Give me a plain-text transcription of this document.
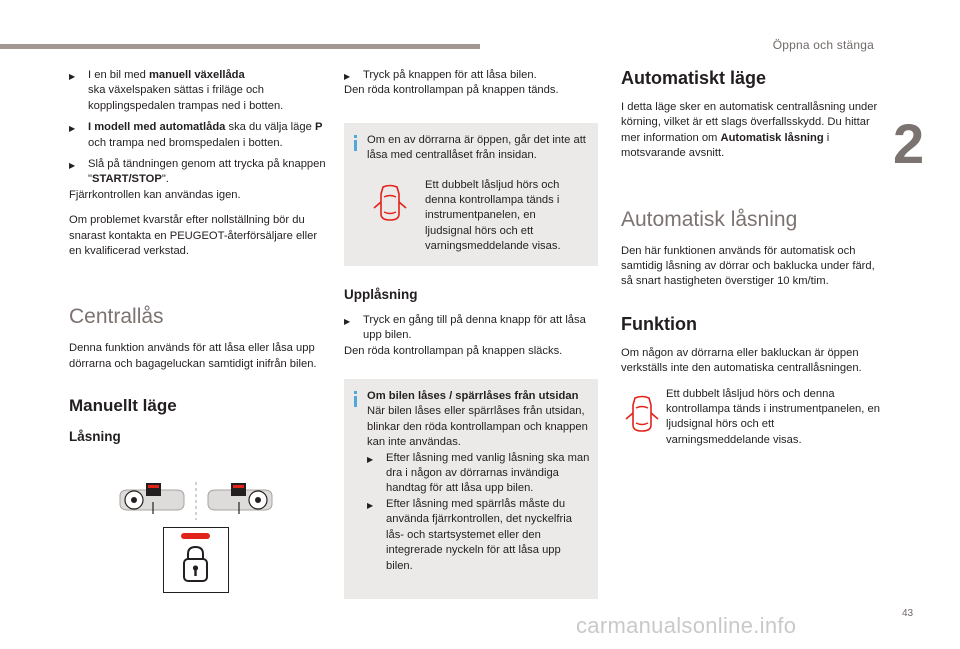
Öppna och stänga
2
43
carmanualsonline.info
▶ I en bil med manuell växellåda
ska växelspaken sättas i friläge och kopplingspedalen trampas ned i botten.
▶ I modell med automatlåda ska du välja läge P och trampa ned bromspedalen i botten.
▶ Slå på tändningen genom att trycka på knappen "START/STOP".

Fjärrkontrollen kan användas igen.

Om problemet kvarstår efter nollställning bör du snarast kontakta en PEUGEOT-återförsäljare eller en kvalificerad verkstad.

Centrallås

Denna funktion används för att låsa eller låsa upp dörrarna och bagageluckan samtidigt inifrån bilen.

Manuellt läge
Låsning
▶ Tryck på knappen för att låsa bilen.

Den röda kontrollampan på knappen tänds.

Om en av dörrarna är öppen, går det inte att låsa med centrallåset från insidan.

Ett dubbelt låsljud hörs och denna kontrollampa tänds i instrumentpanelen, en ljudsignal hörs och ett varningsmeddelande visas.

Upplåsning
▶ Tryck en gång till på denna knapp för att låsa upp bilen.

Den röda kontrollampan på knappen släcks.

Om bilen låses / spärrlåses från utsidan

När bilen låses eller spärrlåses från utsidan, blinkar den röda kontrollampan och knappen kan inte användas.

▶ Efter låsning med vanlig låsning ska man dra i någon av dörrarnas invändiga handtag för att låsa upp bilen.
▶ Efter låsning med spärrlås måste du använda fjärrkontrollen, det nyckelfria lås- och startsystemet eller den integrerade nyckeln för att låsa upp bilen.
Automatiskt läge

I detta läge sker en automatisk centrallåsning under körning, vilket är ett slags överfallsskydd. Du hittar mer information om Automatisk låsning i motsvarande avsnitt.

Automatisk låsning

Den här funktionen används för automatisk och samtidig låsning av dörrar och baklucka under färd, så snart hastigheten överstiger 10 km/tim.

Funktion

Om någon av dörrarna eller bakluckan är öppen verkställs inte den automatiska centrallåsningen.

Ett dubbelt låsljud hörs och denna kontrollampa tänds i instrumentpanelen, en ljudsignal hörs och ett varningsmeddelande visas.
